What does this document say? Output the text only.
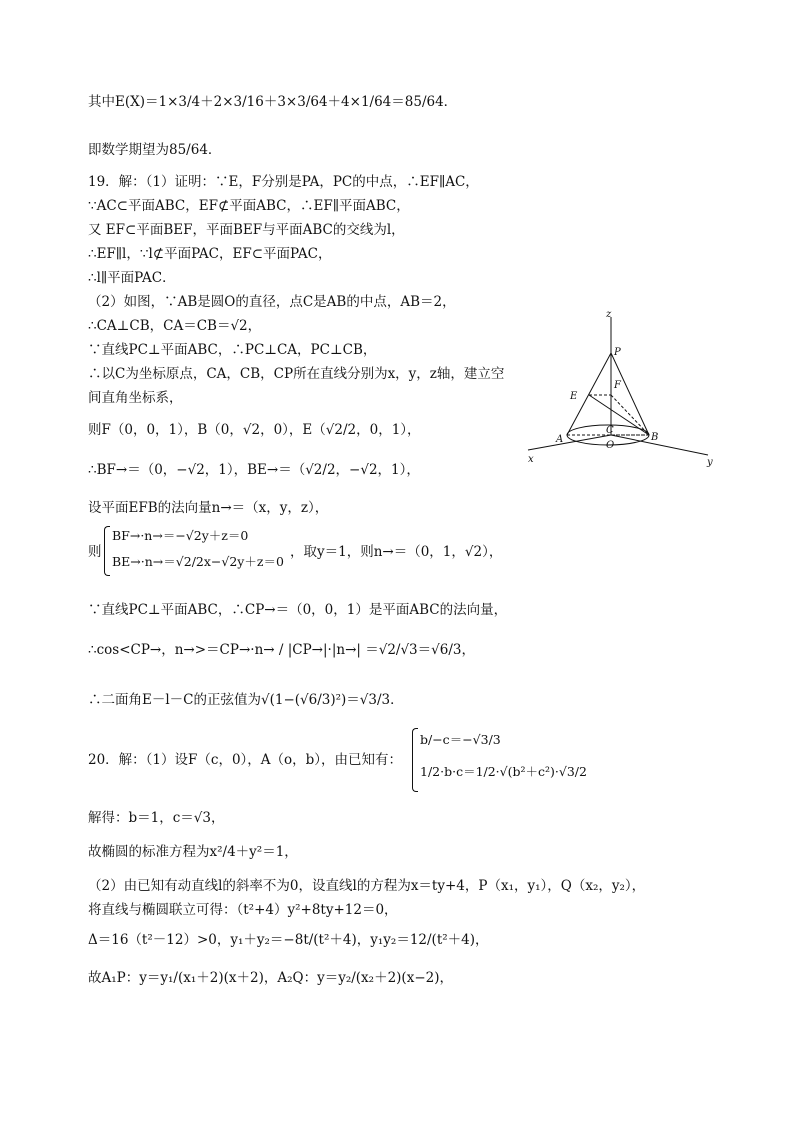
其中E(X)＝1×3/4＋2×3/16＋3×3/64＋4×1/64＝85/64．
即数学期望为85/64．
19．解：（1）证明：∵E，F分别是PA，PC的中点，∴EF∥AC，
∵AC⊂平面ABC，EF⊄平面ABC，∴EF∥平面ABC，
又 EF⊂平面BEF，平面BEF与平面ABC的交线为l，
∴EF∥l，∵l⊄平面PAC，EF⊂平面PAC，
∴l∥平面PAC．
（2）如图，∵AB是圆O的直径，点C是AB的中点，AB＝2，
∴CA⊥CB，CA＝CB＝√2，
∵直线PC⊥平面ABC，∴PC⊥CA，PC⊥CB，
∴以C为坐标原点，CA，CB，CP所在直线分别为x，y，z轴，建立空
间直角坐标系，
则F（0，0，1），B（0，√2，0），E（√2/2，0，1），
∴BF→＝（0，−√2，1），BE→＝（√2/2，−√2，1），
设平面EFB的法向量n→＝（x，y，z），
则
BF→·n→＝−√2y＋z＝0
BE→·n→＝√2/2x−√2y＋z＝0
，取y＝1，则n→＝（0，1，√2），
∵直线PC⊥平面ABC，∴CP→＝（0，0，1）是平面ABC的法向量，
∴cos<CP→，n→>＝CP→·n→ / |CP→|·|n→| ＝√2/√3＝√6/3，
∴二面角E－l－C的正弦值为√(1−(√6/3)²)＝√3/3．
20．解：（1）设F（c，0），A（o，b），由已知有：
b/−c＝−√3/3
1/2·b·c＝1/2·√(b²＋c²)·√3/2
解得：b＝1，c＝√3，
故椭圆的标准方程为x²/4＋y²＝1，
（2）由已知有动直线l的斜率不为0，设直线l的方程为x＝ty+4，P（x₁，y₁），Q（x₂，y₂），
将直线与椭圆联立可得：（t²+4）y²+8ty+12＝0，
Δ＝16（t²－12）>0，y₁＋y₂＝−8t/(t²＋4)，y₁y₂＝12/(t²＋4)，
故A₁P：y＝y₁/(x₁＋2)(x＋2)，A₂Q：y＝y₂/(x₂＋2)(x−2)，
z
P
F
E
A
C
O
B
x	y
